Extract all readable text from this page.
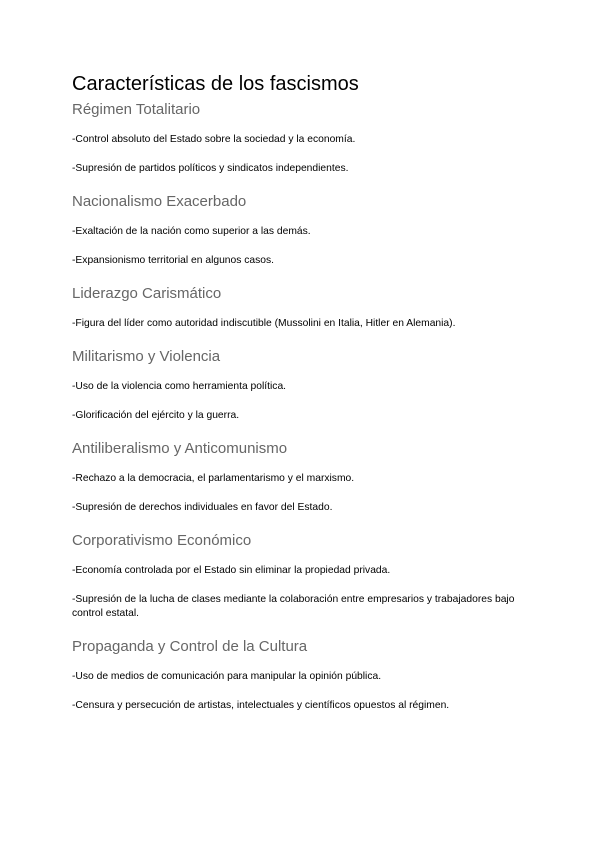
Características de los fascismos
Régimen Totalitario

-Control absoluto del Estado sobre la sociedad y la economía.

-Supresión de partidos políticos y sindicatos independientes.

Nacionalismo Exacerbado

-Exaltación de la nación como superior a las demás.

-Expansionismo territorial en algunos casos.

Liderazgo Carismático

-Figura del líder como autoridad indiscutible (Mussolini en Italia, Hitler en Alemania).

Militarismo y Violencia

-Uso de la violencia como herramienta política.

-Glorificación del ejército y la guerra.

Antiliberalismo y Anticomunismo

-Rechazo a la democracia, el parlamentarismo y el marxismo.

-Supresión de derechos individuales en favor del Estado.

Corporativismo Económico

-Economía controlada por el Estado sin eliminar la propiedad privada.

-Supresión de la lucha de clases mediante la colaboración entre empresarios y trabajadores bajo control estatal.

Propaganda y Control de la Cultura

-Uso de medios de comunicación para manipular la opinión pública.

-Censura y persecución de artistas, intelectuales y científicos opuestos al régimen.
